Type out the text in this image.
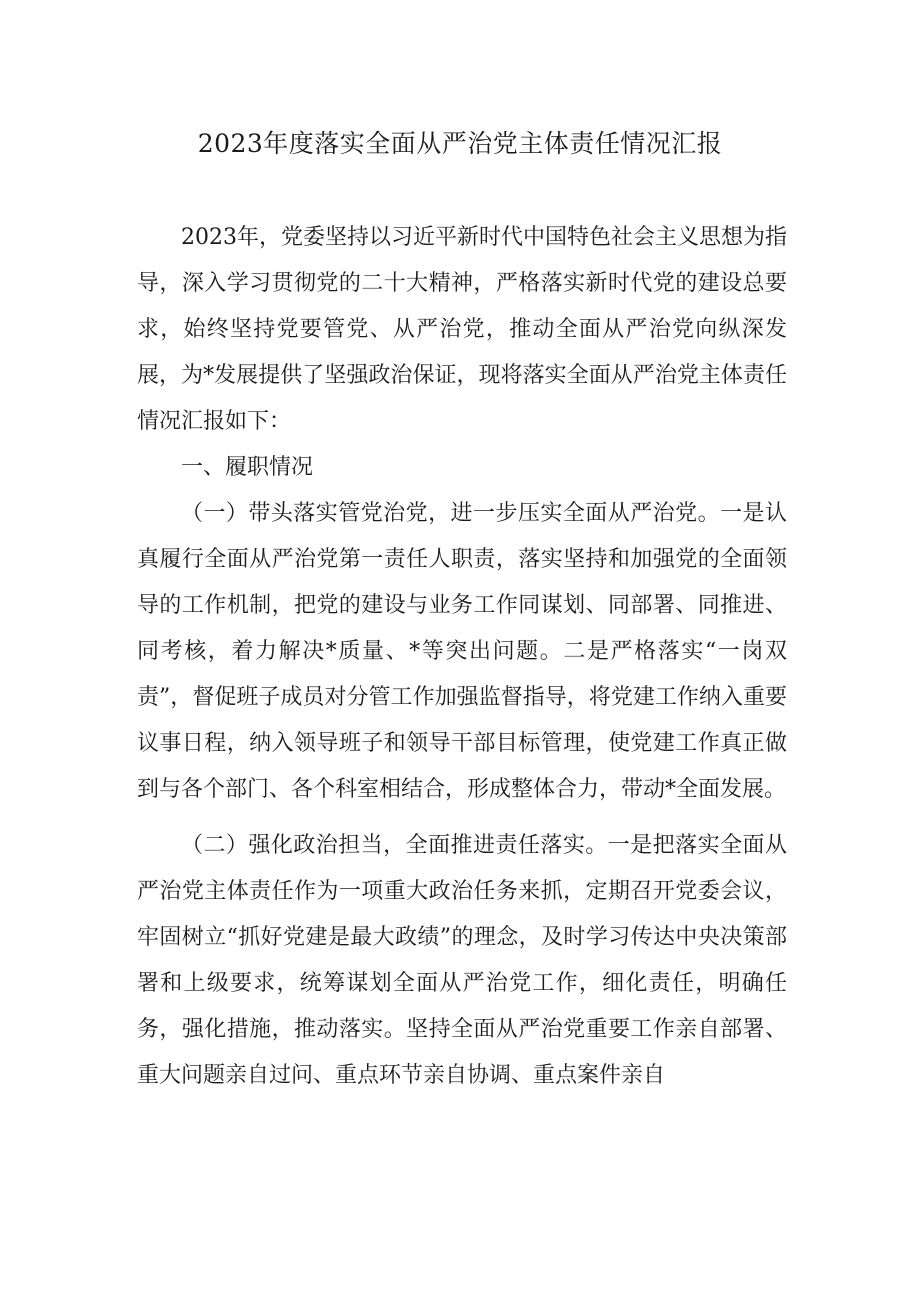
2023年度落实全面从严治党主体责任情况汇报

2023年，党委坚持以习近平新时代中国特色社会主义思想为指导，深入学习贯彻党的二十大精神，严格落实新时代党的建设总要求，始终坚持党要管党、从严治党，推动全面从严治党向纵深发展，为*发展提供了坚强政治保证，现将落实全面从严治党主体责任情况汇报如下：

一、履职情况

（一）带头落实管党治党，进一步压实全面从严治党。一是认真履行全面从严治党第一责任人职责，落实坚持和加强党的全面领导的工作机制，把党的建设与业务工作同谋划、同部署、同推进、同考核，着力解决*质量、*等突出问题。二是严格落实“一岗双责”，督促班子成员对分管工作加强监督指导，将党建工作纳入重要议事日程，纳入领导班子和领导干部目标管理，使党建工作真正做到与各个部门、各个科室相结合，形成整体合力，带动*全面发展。

（二）强化政治担当，全面推进责任落实。一是把落实全面从严治党主体责任作为一项重大政治任务来抓，定期召开党委会议，牢固树立“抓好党建是最大政绩”的理念，及时学习传达中央决策部署和上级要求，统筹谋划全面从严治党工作，细化责任，明确任务，强化措施，推动落实。坚持全面从严治党重要工作亲自部署、重大问题亲自过问、重点环节亲自协调、重点案件亲自
